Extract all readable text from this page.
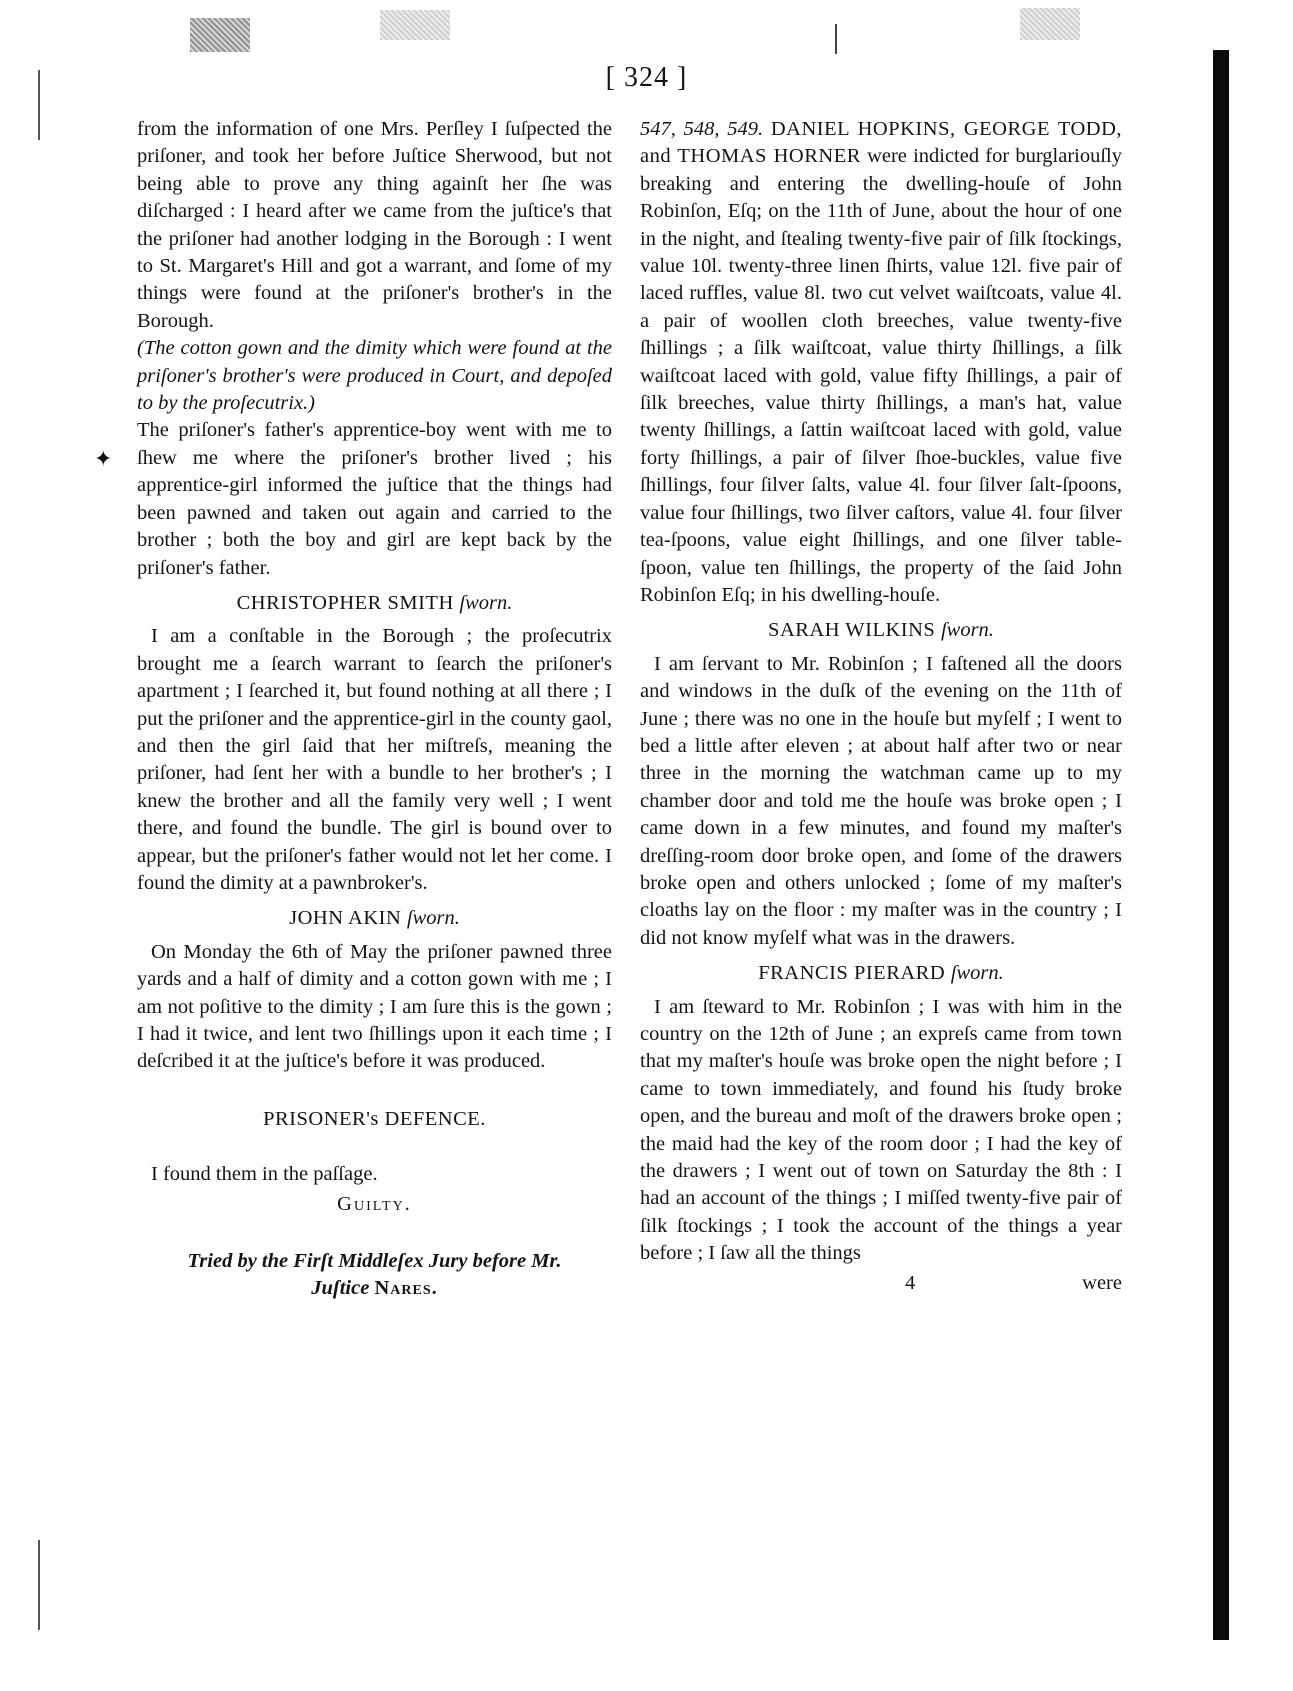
✦
[ 324 ]

from the information of one Mrs. Perſley I ſuſpected the priſoner, and took her before Juſtice Sherwood, but not being able to prove any thing againſt her ſhe was diſcharged : I heard after we came from the juſtice's that the priſoner had another lodging in the Borough : I went to St. Margaret's Hill and got a warrant, and ſome of my things were found at the priſoner's brother's in the Borough.

(The cotton gown and the dimity which were found at the priſoner's brother's were produced in Court, and depoſed to by the proſecutrix.)

The priſoner's father's apprentice-boy went with me to ſhew me where the priſoner's brother lived ; his apprentice-girl informed the juſtice that the things had been pawned and taken out again and carried to the brother ; both the boy and girl are kept back by the priſoner's father.

CHRISTOPHER SMITH ſworn.

I am a conſtable in the Borough ; the proſecutrix brought me a ſearch warrant to ſearch the priſoner's apartment ; I ſearched it, but found nothing at all there ; I put the priſoner and the apprentice-girl in the county gaol, and then the girl ſaid that her miſtreſs, meaning the priſoner, had ſent her with a bundle to her brother's ; I knew the brother and all the family very well ; I went there, and found the bundle. The girl is bound over to appear, but the priſoner's father would not let her come. I found the dimity at a pawnbroker's.

JOHN AKIN ſworn.

On Monday the 6th of May the priſoner pawned three yards and a half of dimity and a cotton gown with me ; I am not poſitive to the dimity ; I am ſure this is the gown ; I had it twice, and lent two ſhillings upon it each time ; I deſcribed it at the juſtice's before it was produced.

PRISONER's DEFENCE.

I found them in the paſſage.

Guilty.
Tried by the Firſt Middleſex Jury before Mr.
Juſtice Nares.

547, 548, 549. DANIEL HOPKINS, GEORGE TODD, and THOMAS HORNER were indicted for burglariouſly breaking and entering the dwelling-houſe of John Robinſon, Eſq; on the 11th of June, about the hour of one in the night, and ſtealing twenty-five pair of ſilk ſtockings, value 10l. twenty-three linen ſhirts, value 12l. five pair of laced ruffles, value 8l. two cut velvet waiſtcoats, value 4l. a pair of woollen cloth breeches, value twenty-five ſhillings ; a ſilk waiſtcoat, value thirty ſhillings, a ſilk waiſtcoat laced with gold, value fifty ſhillings, a pair of ſilk breeches, value thirty ſhillings, a man's hat, value twenty ſhillings, a ſattin waiſtcoat laced with gold, value forty ſhillings, a pair of ſilver ſhoe-buckles, value five ſhillings, four ſilver ſalts, value 4l. four ſilver ſalt-ſpoons, value four ſhillings, two ſilver caſtors, value 4l. four ſilver tea-ſpoons, value eight ſhillings, and one ſilver table-ſpoon, value ten ſhillings, the property of the ſaid John Robinſon Eſq; in his dwelling-houſe.

SARAH WILKINS ſworn.

I am ſervant to Mr. Robinſon ; I faſtened all the doors and windows in the duſk of the evening on the 11th of June ; there was no one in the houſe but myſelf ; I went to bed a little after eleven ; at about half after two or near three in the morning the watchman came up to my chamber door and told me the houſe was broke open ; I came down in a few minutes, and found my maſter's dreſſing-room door broke open, and ſome of the drawers broke open and others unlocked ; ſome of my maſter's cloaths lay on the floor : my maſter was in the country ; I did not know myſelf what was in the drawers.

FRANCIS PIERARD ſworn.

I am ſteward to Mr. Robinſon ; I was with him in the country on the 12th of June ; an expreſs came from town that my maſter's houſe was broke open the night before ; I came to town immediately, and found his ſtudy broke open, and the bureau and moſt of the drawers broke open ; the maid had the key of the room door ; I had the key of the drawers ; I went out of town on Saturday the 8th : I had an account of the things ; I miſſed twenty-five pair of ſilk ſtockings ; I took the account of the things a year before ; I ſaw all the things

4	were
